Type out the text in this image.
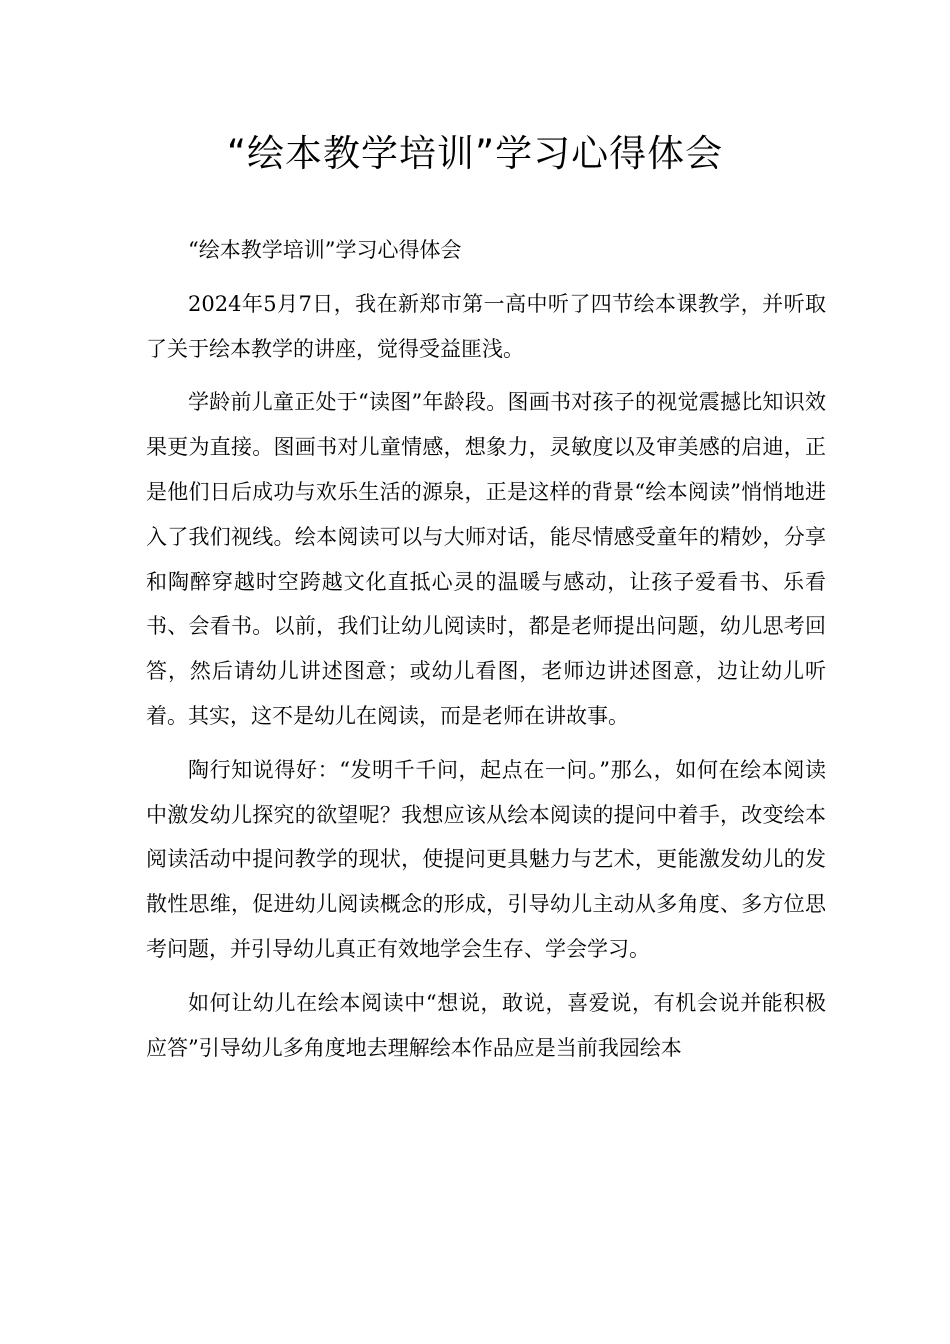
“绘本教学培训”学习心得体会

“绘本教学培训”学习心得体会

2024年5月7日，我在新郑市第一高中听了四节绘本课教学，并听取了关于绘本教学的讲座，觉得受益匪浅。

学龄前儿童正处于“读图”年龄段。图画书对孩子的视觉震撼比知识效果更为直接。图画书对儿童情感，想象力，灵敏度以及审美感的启迪，正是他们日后成功与欢乐生活的源泉，正是这样的背景“绘本阅读”悄悄地进入了我们视线。绘本阅读可以与大师对话，能尽情感受童年的精妙，分享和陶醉穿越时空跨越文化直抵心灵的温暖与感动，让孩子爱看书、乐看书、会看书。以前，我们让幼儿阅读时，都是老师提出问题，幼儿思考回答，然后请幼儿讲述图意；或幼儿看图，老师边讲述图意，边让幼儿听着。其实，这不是幼儿在阅读，而是老师在讲故事。

陶行知说得好：“发明千千问，起点在一问。”那么，如何在绘本阅读中激发幼儿探究的欲望呢？我想应该从绘本阅读的提问中着手，改变绘本阅读活动中提问教学的现状，使提问更具魅力与艺术，更能激发幼儿的发散性思维，促进幼儿阅读概念的形成，引导幼儿主动从多角度、多方位思考问题，并引导幼儿真正有效地学会生存、学会学习。

如何让幼儿在绘本阅读中“想说，敢说，喜爱说，有机会说并能积极应答”引导幼儿多角度地去理解绘本作品应是当前我园绘本
